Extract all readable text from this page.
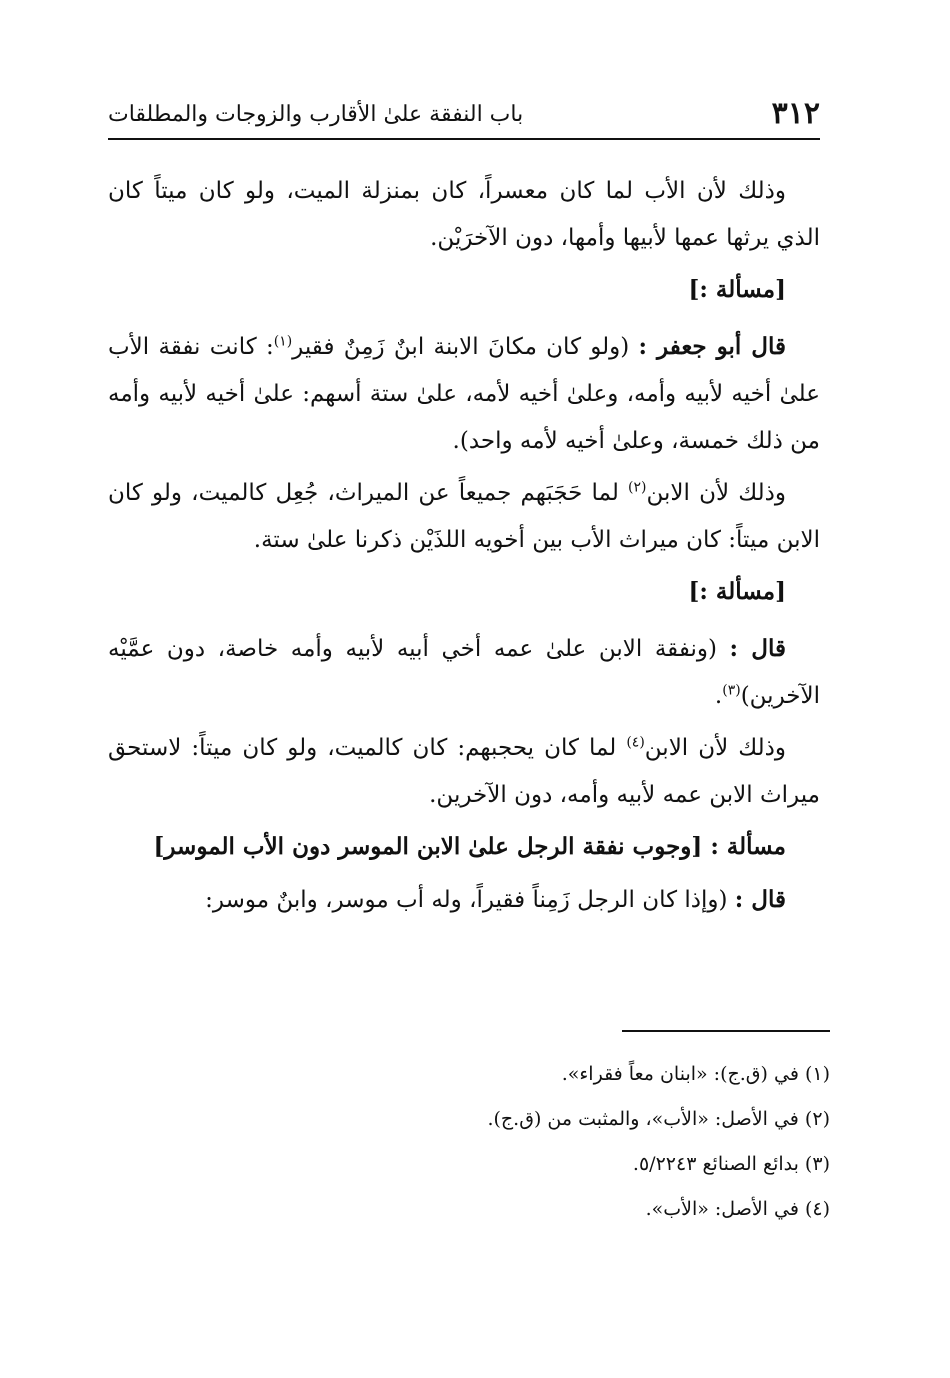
٣١٢
باب النفقة علىٰ الأقارب والزوجات والمطلقات

وذلك لأن الأب لما كان معسراً، كان بمنزلة الميت، ولو كان ميتاً كان الذي يرثها عمها لأبيها وأمها، دون الآخرَيْن.

[مسألة :]

قال أبو جعفر : (ولو كان مكانَ الابنة ابنٌ زَمِنٌ فقير$^{(١)}$: كانت نفقة الأب علىٰ أخيه لأبيه وأمه، وعلىٰ أخيه لأمه، علىٰ ستة أسهم: علىٰ أخيه لأبيه وأمه من ذلك خمسة، وعلىٰ أخيه لأمه واحد).

وذلك لأن الابن$^{(٢)}$ لما حَجَبَهم جميعاً عن الميراث، جُعِل كالميت، ولو كان الابن ميتاً: كان ميراث الأب بين أخويه اللذَيْن ذكرنا علىٰ ستة.

[مسألة :]

قال : (ونفقة الابن علىٰ عمه أخي أبيه لأبيه وأمه خاصة، دون عمَّيْه الآخرين)$^{(٣)}$.

وذلك لأن الابن$^{(٤)}$ لما كان يحجبهم: كان كالميت، ولو كان ميتاً: لاستحق ميراث الابن عمه لأبيه وأمه، دون الآخرين.

مسألة : [وجوب نفقة الرجل علىٰ الابن الموسر دون الأب الموسر]

قال : (وإذا كان الرجل زَمِناً فقيراً، وله أب موسر، وابنٌ موسر:

(١) في (ق.ج): «ابنان معاً فقراء».

(٢) في الأصل: «الأب»، والمثبت من (ق.ج).

(٣) بدائع الصنائع ٥/٢٢٤٣.

(٤) في الأصل: «الأب».
